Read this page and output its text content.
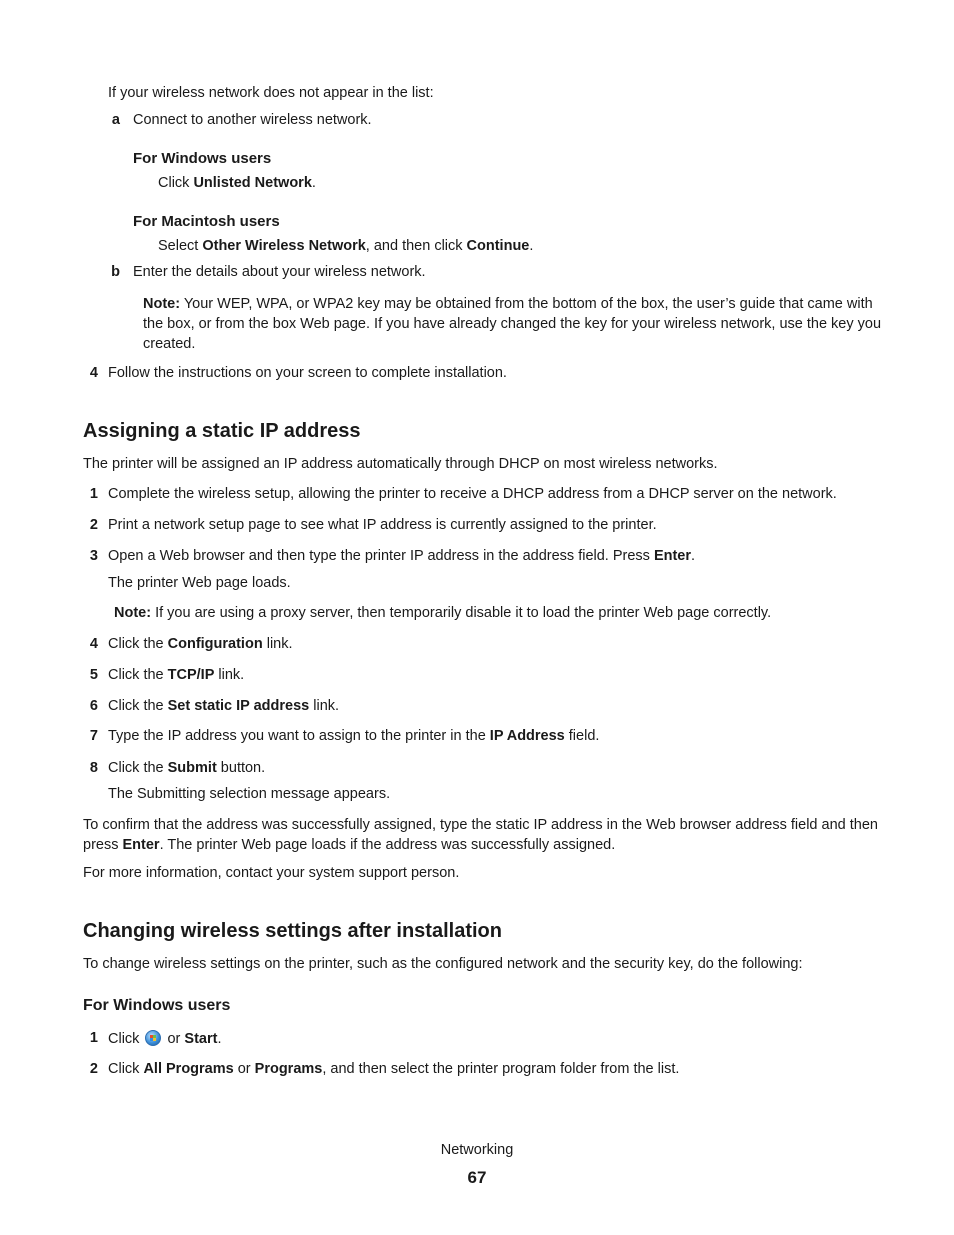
If your wireless network does not appear in the list:
a Connect to another wireless network.
For Windows users
Click Unlisted Network.
For Macintosh users
Select Other Wireless Network, and then click Continue.
b Enter the details about your wireless network.
Note: Your WEP, WPA, or WPA2 key may be obtained from the bottom of the box, the user’s guide that came with the box, or from the box Web page. If you have already changed the key for your wireless network, use the key you created.
4 Follow the instructions on your screen to complete installation.
Assigning a static IP address
The printer will be assigned an IP address automatically through DHCP on most wireless networks.
1 Complete the wireless setup, allowing the printer to receive a DHCP address from a DHCP server on the network.
2 Print a network setup page to see what IP address is currently assigned to the printer.
3 Open a Web browser and then type the printer IP address in the address field. Press Enter.
The printer Web page loads.
Note: If you are using a proxy server, then temporarily disable it to load the printer Web page correctly.
4 Click the Configuration link.
5 Click the TCP/IP link.
6 Click the Set static IP address link.
7 Type the IP address you want to assign to the printer in the IP Address field.
8 Click the Submit button.
The Submitting selection message appears.
To confirm that the address was successfully assigned, type the static IP address in the Web browser address field and then press Enter. The printer Web page loads if the address was successfully assigned.
For more information, contact your system support person.
Changing wireless settings after installation
To change wireless settings on the printer, such as the configured network and the security key, do the following:
For Windows users
1 Click  or Start.
2 Click All Programs or Programs, and then select the printer program folder from the list.
Networking
67
